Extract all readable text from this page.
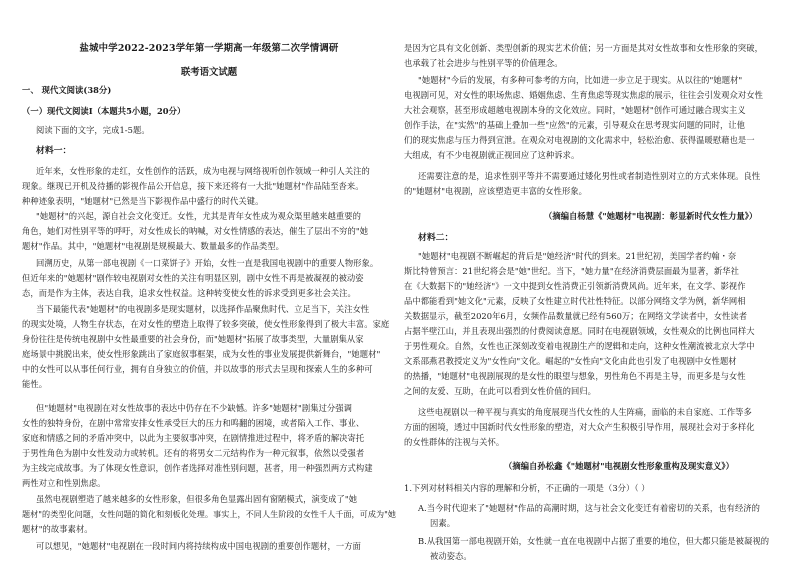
盐城中学2022-2023学年第一学期高一年级第二次学情调研
联考语文试题
一、 现代文阅读(38分)
（一）现代文阅读Ⅰ（本题共5小题，20分）
阅读下面的文字，完成1-5题。
材料一：
近年来，女性形象的走红，女性创作的活跃，成为电视与网络视听创作领域一种引人关注的
现象。继现已开机及待播的影视作品公开信息，接下来还将有一大批"她题材"作品陆至沓来。
种种迹象表明，"她题材"已然是当下影视作品中盛行的时代关键。
"她题材"的兴起，源自社会文化变迁。女性，尤其是青年女性成为观众渠里越来越重要的
角色，她们对性别平等的呼吁，对女性成长的呐喊，对女性情感的表达，催生了层出不穷的"她
题材"作品。其中，"她题材"电视剧是规模最大、数量最多的作品类型。
回溯历史，从第一部电视剧《一口菜饼子》开始，女性一直是我国电视剧中的重要人物形象。
但近年来的"她题材"剧作较电视剧对女性的关注有明显区别，剧中女性不再是被凝视的被动姿
态，而是作为主体，表达自我，追求女性权益。这种转变使女性的诉求受到更多社会关注。
当下最能代表"她题材"的电视剧多是现实题材，以选择作品聚焦时代、立足当下，关注女性
的现实处境，人物生存状态，在对女性的塑造上取得了较多突破，使女性形象得到了极大丰富。家庭
身份往往是传统电视剧中女性最重要的社会身份，而"她题材"拓展了故事类型，大量剧集从家
庭场景中挑脱出来，使女性形象跳出了家庭叙事框架，成为女性的事业发展提供新舞台，"她题材"
中的女性可以从事任何行业，拥有自身独立的价值，并以故事的形式去呈现和探索人生的多种可
能性。
但"她题材"电视剧在对女性故事的表达中仍存在不少缺憾。许多"她题材"剧集过分强调
女性的独特身份，在剧中常常安排女性承受巨大的压力和鸣翻的困境，或者陷入工作、事业、
家庭和情感之间的矛盾冲突中，以此为主要叙事冲突，在剧情推进过程中，将矛盾的解决寄托
于男性角色为剧中女性发动力或转机。还有的将男女二元结构作为一种元叙事，依然以受强者
为主线完成故事。为了体现女性意识，创作者选择对准性别问题，甚者，用一种强烈两方式构建
两性对立和性别焦虑。
虽然电视剧塑造了越来越多的女性形象，但很多角色显露出固有窗陋模式，演变成了"她
题材"的类型化问题，女性问题的简化和刻板化处理。事实上，不同人生阶段的女性千人千面，可成为"她
题材"的故事素材。
可以想见，"她题材"电视剧在一段时间内将持续构成中国电视剧的重要创作题材，一方面
是因为它具有文化创新、类型创新的现实艺术价值；另一方面是其对女性故事和女性形象的突破，
也承载了社会进步与性别平等的价值理念。
"她题材"今后的发展，有多种可参考的方向，比如进一步立足于现实。从以往的"她题材"
电视剧可见，对女性的职场焦虑、婚姻焦虑、生育焦虑等现实焦虑的展示，往往会引发观众对女性
大社会观察，甚至形成超越电视剧本身的文化效应。同时，"她题材"创作可通过融合现实主义
创作手法，在"实然"的基础上叠加一些"应然"的元素，引导观众在思考现实问题的同时，让他
们的现实焦虑与压力得到宣泄。在观众对电视剧的文化需求中，轻松治愈、获得温暖慰藉也是一
大组成，有不少电视剧就正视回应了这种诉求。
还需要注意的是，追求性别平等并不需要通过矮化男性或者制造性别对立的方式来体现。良性
的"她题材"电视剧，应该塑造更丰富的女性形象。
（摘编自杨慧《"她题材"电视剧：彰显新时代女性力量》）
材料二：
"她题材"电视剧不断崛起的背后是"她经济"时代的到来。21世纪初，美国学者约翰・奈
斯比特曾预言：21世纪将会是"她"世纪。当下，"她力量"在经济消费层面最为显著，新华社
在《大数据下的"她经济"》一文中提到女性消费正引领新消费风尚。近年来，在文学、影视作
品中都能看到"她文化"元素，反映了女性建立时代社性特征。以部分网络文学为例，新华网相
关数据显示，截至2020年6月，女频作品数量就已经有560万；在网络文学读者中，女性读者
占据半壁江山，并且表现出强烈的付费阅读意愿。同时在电视剧领域，女性观众的比例也同样大
于男性观众。自然，女性也正深刻改变着电视剧生产的逻辑和走向，这种女性潮流被北京大学中
文系邵燕君教授定义为"女性向"文化。崛起的"女性向"文化由此也引发了电视剧中女性题材
的热播，"她题材"电视剧展现的是女性的眼望与想象，男性角色不再是主导，而更多是与女性
之间的友爱、互助，在此可以看到女性价值的回归。
这些电视剧以一种平视与真实的角度展现当代女性的人生阵痛，面临的未自家庭、工作等多
方面的困境，透过中国新时代女性形象的塑造，对大众产生积极引导作用，展现社会对于多样化
的女性群体的注视与关怀。
（摘编自孙松鑫《"她题材"电视剧女性形象重构及现实意义》）
1.下列对材料相关内容的理解和分析，不正确的一项是（3分）（ ）
A.当今时代迎来了"她题材"作品的高潮时期，这与社会文化变迁有着密切的关系，也有经济的
因素。
B.从我国第一部电视剧开始，女性就一直在电视剧中占据了重要的地位，但大都只能是被凝视的
被动姿态。
